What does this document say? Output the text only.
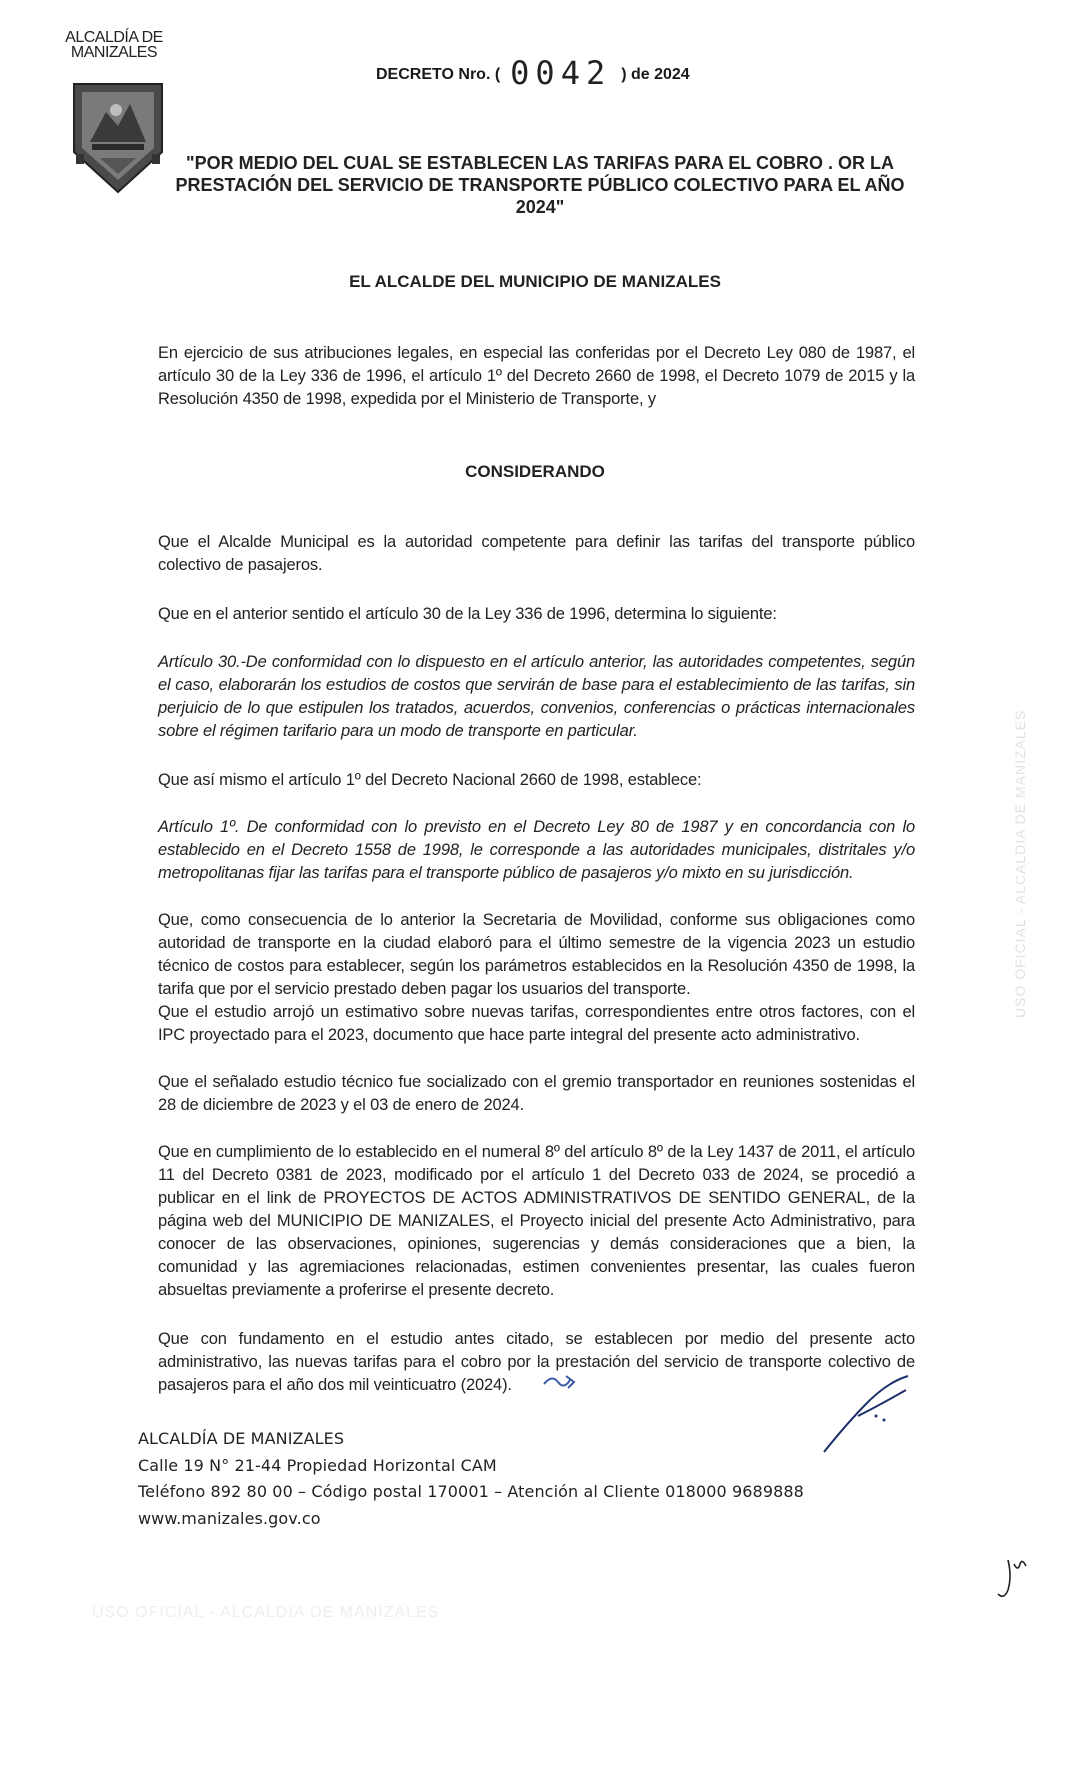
ALCALDÍA DE MANIZALES
DECRETO Nro. ( 0042 ) de 2024
"POR MEDIO DEL CUAL SE ESTABLECEN LAS TARIFAS PARA EL COBRO . OR LA PRESTACIÓN DEL SERVICIO DE TRANSPORTE PÚBLICO COLECTIVO PARA EL AÑO 2024"
EL ALCALDE DEL MUNICIPIO DE MANIZALES
En ejercicio de sus atribuciones legales, en especial las conferidas por el Decreto Ley 080 de 1987, el artículo 30 de la Ley 336 de 1996, el artículo 1º del Decreto 2660 de 1998, el Decreto 1079 de 2015 y la Resolución 4350 de 1998, expedida por el Ministerio de Transporte, y
CONSIDERANDO
Que el Alcalde Municipal es la autoridad competente para definir las tarifas del transporte público colectivo de pasajeros.
Que en el anterior sentido el artículo 30 de la Ley 336 de 1996, determina lo siguiente:
Artículo 30.-De conformidad con lo dispuesto en el artículo anterior, las autoridades competentes, según el caso, elaborarán los estudios de costos que servirán de base para el establecimiento de las tarifas, sin perjuicio de lo que estipulen los tratados, acuerdos, convenios, conferencias o prácticas internacionales sobre el régimen tarifario para un modo de transporte en particular.
Que así mismo el artículo 1º del Decreto Nacional 2660 de 1998, establece:
Artículo 1º. De conformidad con lo previsto en el Decreto Ley 80 de 1987 y en concordancia con lo establecido en el Decreto 1558 de 1998, le corresponde a las autoridades municipales, distritales y/o metropolitanas fijar las tarifas para el transporte público de pasajeros y/o mixto en su jurisdicción.
Que, como consecuencia de lo anterior la Secretaria de Movilidad, conforme sus obligaciones como autoridad de transporte en la ciudad elaboró para el último semestre de la vigencia 2023 un estudio técnico de costos para establecer, según los parámetros establecidos en la Resolución 4350 de 1998, la tarifa que por el servicio prestado deben pagar los usuarios del transporte.
Que el estudio arrojó un estimativo sobre nuevas tarifas, correspondientes entre otros factores, con el IPC proyectado para el 2023, documento que hace parte integral del presente acto administrativo.
Que el señalado estudio técnico fue socializado con el gremio transportador en reuniones sostenidas el 28 de diciembre de 2023 y el 03 de enero de 2024.
Que en cumplimiento de lo establecido en el numeral 8º del artículo 8º de la Ley 1437 de 2011, el artículo 11 del Decreto 0381 de 2023, modificado por el artículo 1 del Decreto 033 de 2024, se procedió a publicar en el link de PROYECTOS DE ACTOS ADMINISTRATIVOS DE SENTIDO GENERAL, de la página web del MUNICIPIO DE MANIZALES, el Proyecto inicial del presente Acto Administrativo, para conocer de las observaciones, opiniones, sugerencias y demás consideraciones que a bien, la comunidad y las agremiaciones relacionadas, estimen convenientes presentar, las cuales fueron absueltas previamente a proferirse el presente decreto.
Que con fundamento en el estudio antes citado, se establecen por medio del presente acto administrativo, las nuevas tarifas para el cobro por la prestación del servicio de transporte colectivo de pasajeros para el año dos mil veinticuatro (2024).
ALCALDÍA DE MANIZALES
Calle 19 N° 21-44 Propiedad Horizontal CAM
Teléfono 892 80 00 – Código postal 170001 – Atención al Cliente 018000 9689888
www.manizales.gov.co
USO OFICIAL - ALCALDIA DE MANIZALES
USO OFICIAL - ALCALDIA DE MANIZALES
